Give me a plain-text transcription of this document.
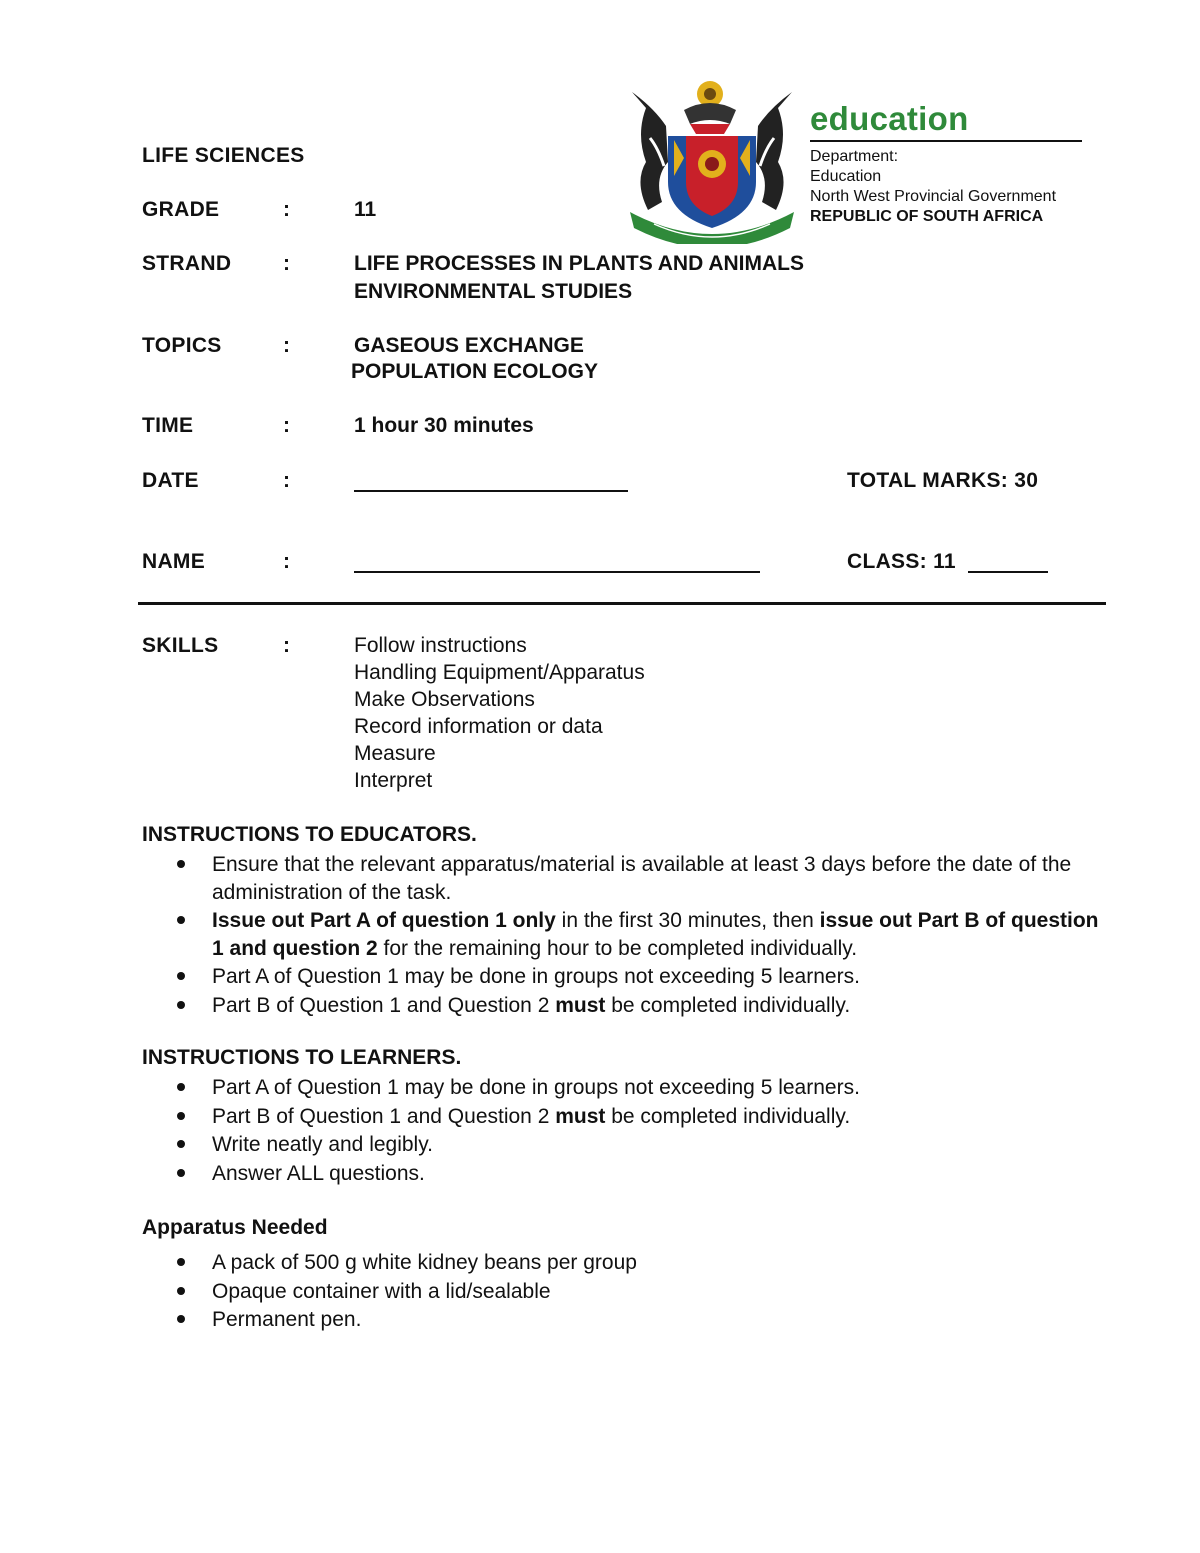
education
Department:
Education
North West Provincial Government
REPUBLIC OF SOUTH AFRICA
LIFE SCIENCES
GRADE	:	11
STRAND :	LIFE PROCESSES IN PLANTS AND ANIMALS
ENVIRONMENTAL STUDIES
TOPICS	:	GASEOUS EXCHANGE
POPULATION ECOLOGY
TIME	:	1 hour 30 minutes
DATE	:	TOTAL MARKS: 30
NAME	:	CLASS: 11
SKILLS	:	Follow instructions
Handling Equipment/Apparatus
Make Observations
Record information or data
Measure
Interpret
INSTRUCTIONS TO EDUCATORS.
Ensure that the relevant apparatus/material is available at least 3 days before the date of the administration of the task.
Issue out Part A of question 1 only in the first 30 minutes, then issue out Part B of question 1 and question 2 for the remaining hour to be completed individually.
Part A of Question 1 may be done in groups not exceeding 5 learners.
Part B of Question 1 and Question 2 must be completed individually.
INSTRUCTIONS TO LEARNERS.
Part A of Question 1 may be done in groups not exceeding 5 learners.
Part B of Question 1 and Question 2 must be completed individually.
Write neatly and legibly.
Answer ALL questions.
Apparatus Needed
A pack of 500 g white kidney beans per group
Opaque container with a lid/sealable
Permanent pen.
